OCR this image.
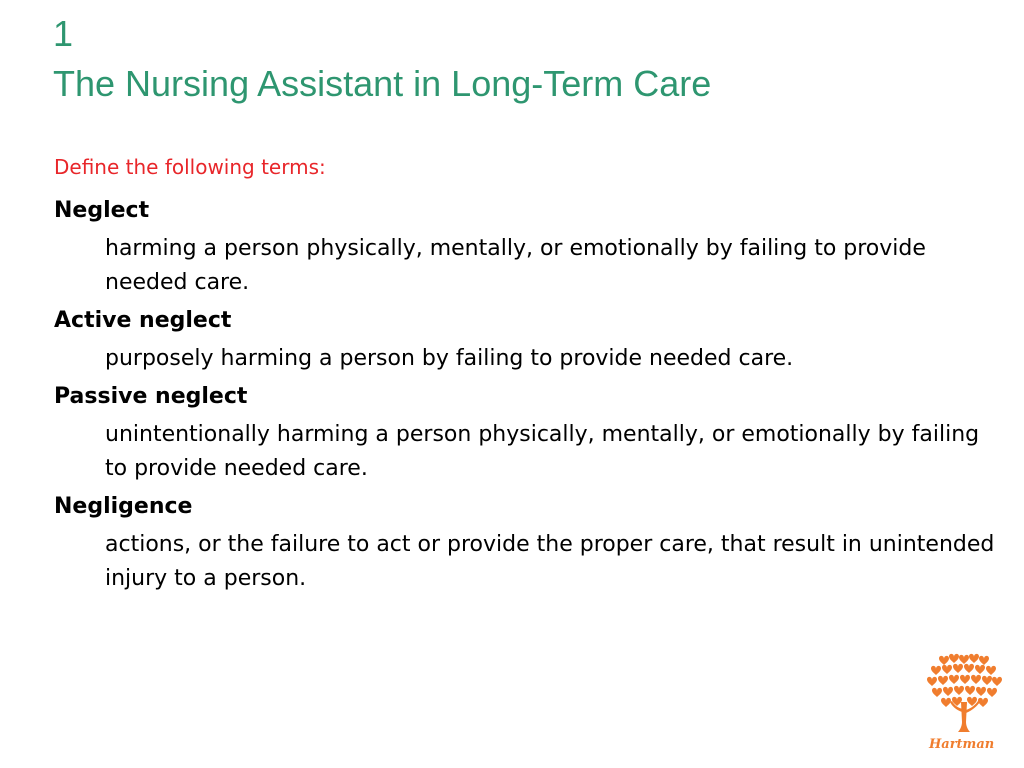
1
The Nursing Assistant in Long-Term Care
Define the following terms:

Neglect

harming a person physically, mentally, or emotionally by failing to provide needed care.

Active neglect

purposely harming a person by failing to provide needed care.

Passive neglect

unintentionally harming a person physically, mentally, or emotionally by failing to provide needed care.

Negligence

actions, or the failure to act or provide the proper care, that result in unintended injury to a person.

Hartman
